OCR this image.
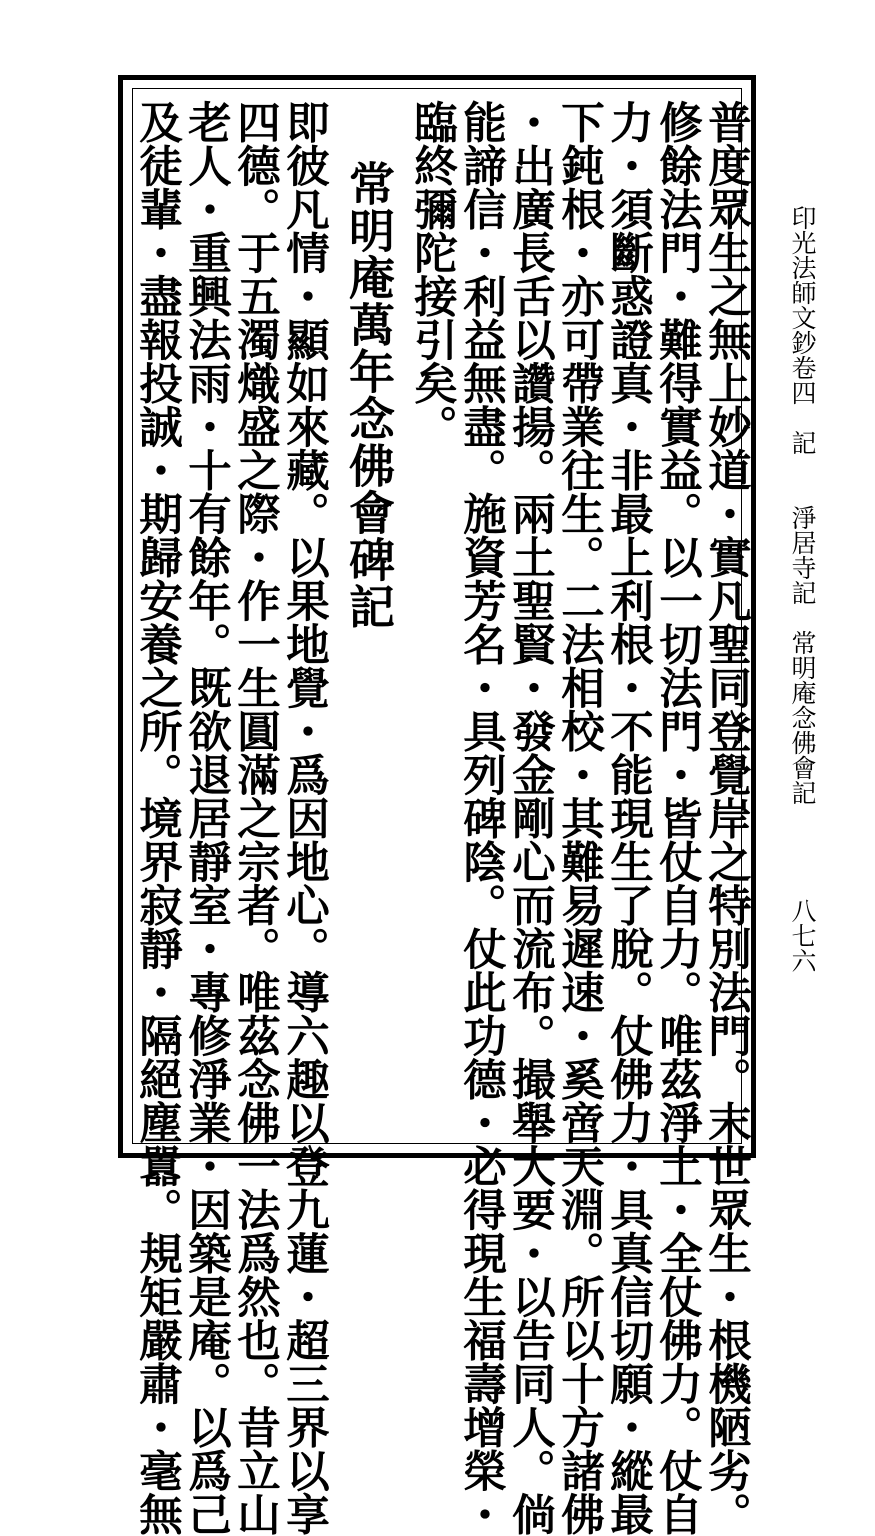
印光法師文鈔卷四　記　　淨居寺記　常明庵念佛會記
八七六
普度眾生之無上妙道・實凡聖同登覺岸之特別法門。末世眾生・根機陋劣。
修餘法門・難得實益。以一切法門・皆仗自力。唯茲淨土・全仗佛力。仗自
力・須斷惑證真・非最上利根・不能現生了脫。仗佛力・具真信切願・縱最
下鈍根・亦可帶業往生。二法相校・其難易遲速・奚啻天淵。所以十方諸佛
・出廣長舌以讚揚。兩土聖賢・發金剛心而流布。撮舉大要・以告同人。倘
能諦信・利益無盡。施資芳名・具列碑陰。仗此功德・必得現生福壽增榮・
臨終彌陀接引矣。
常明庵萬年念佛會碑記
即彼凡情・顯如來藏。以果地覺・爲因地心。導六趣以登九蓮・超三界以享
四德。于五濁熾盛之際・作一生圓滿之宗者。唯茲念佛一法爲然也。昔立山
老人・重興法雨・十有餘年。既欲退居靜室・專修淨業・因築是庵。以爲己
及徒輩・盡報投誠・期歸安養之所。境界寂靜・隔絕塵囂。規矩嚴肅・毫無
